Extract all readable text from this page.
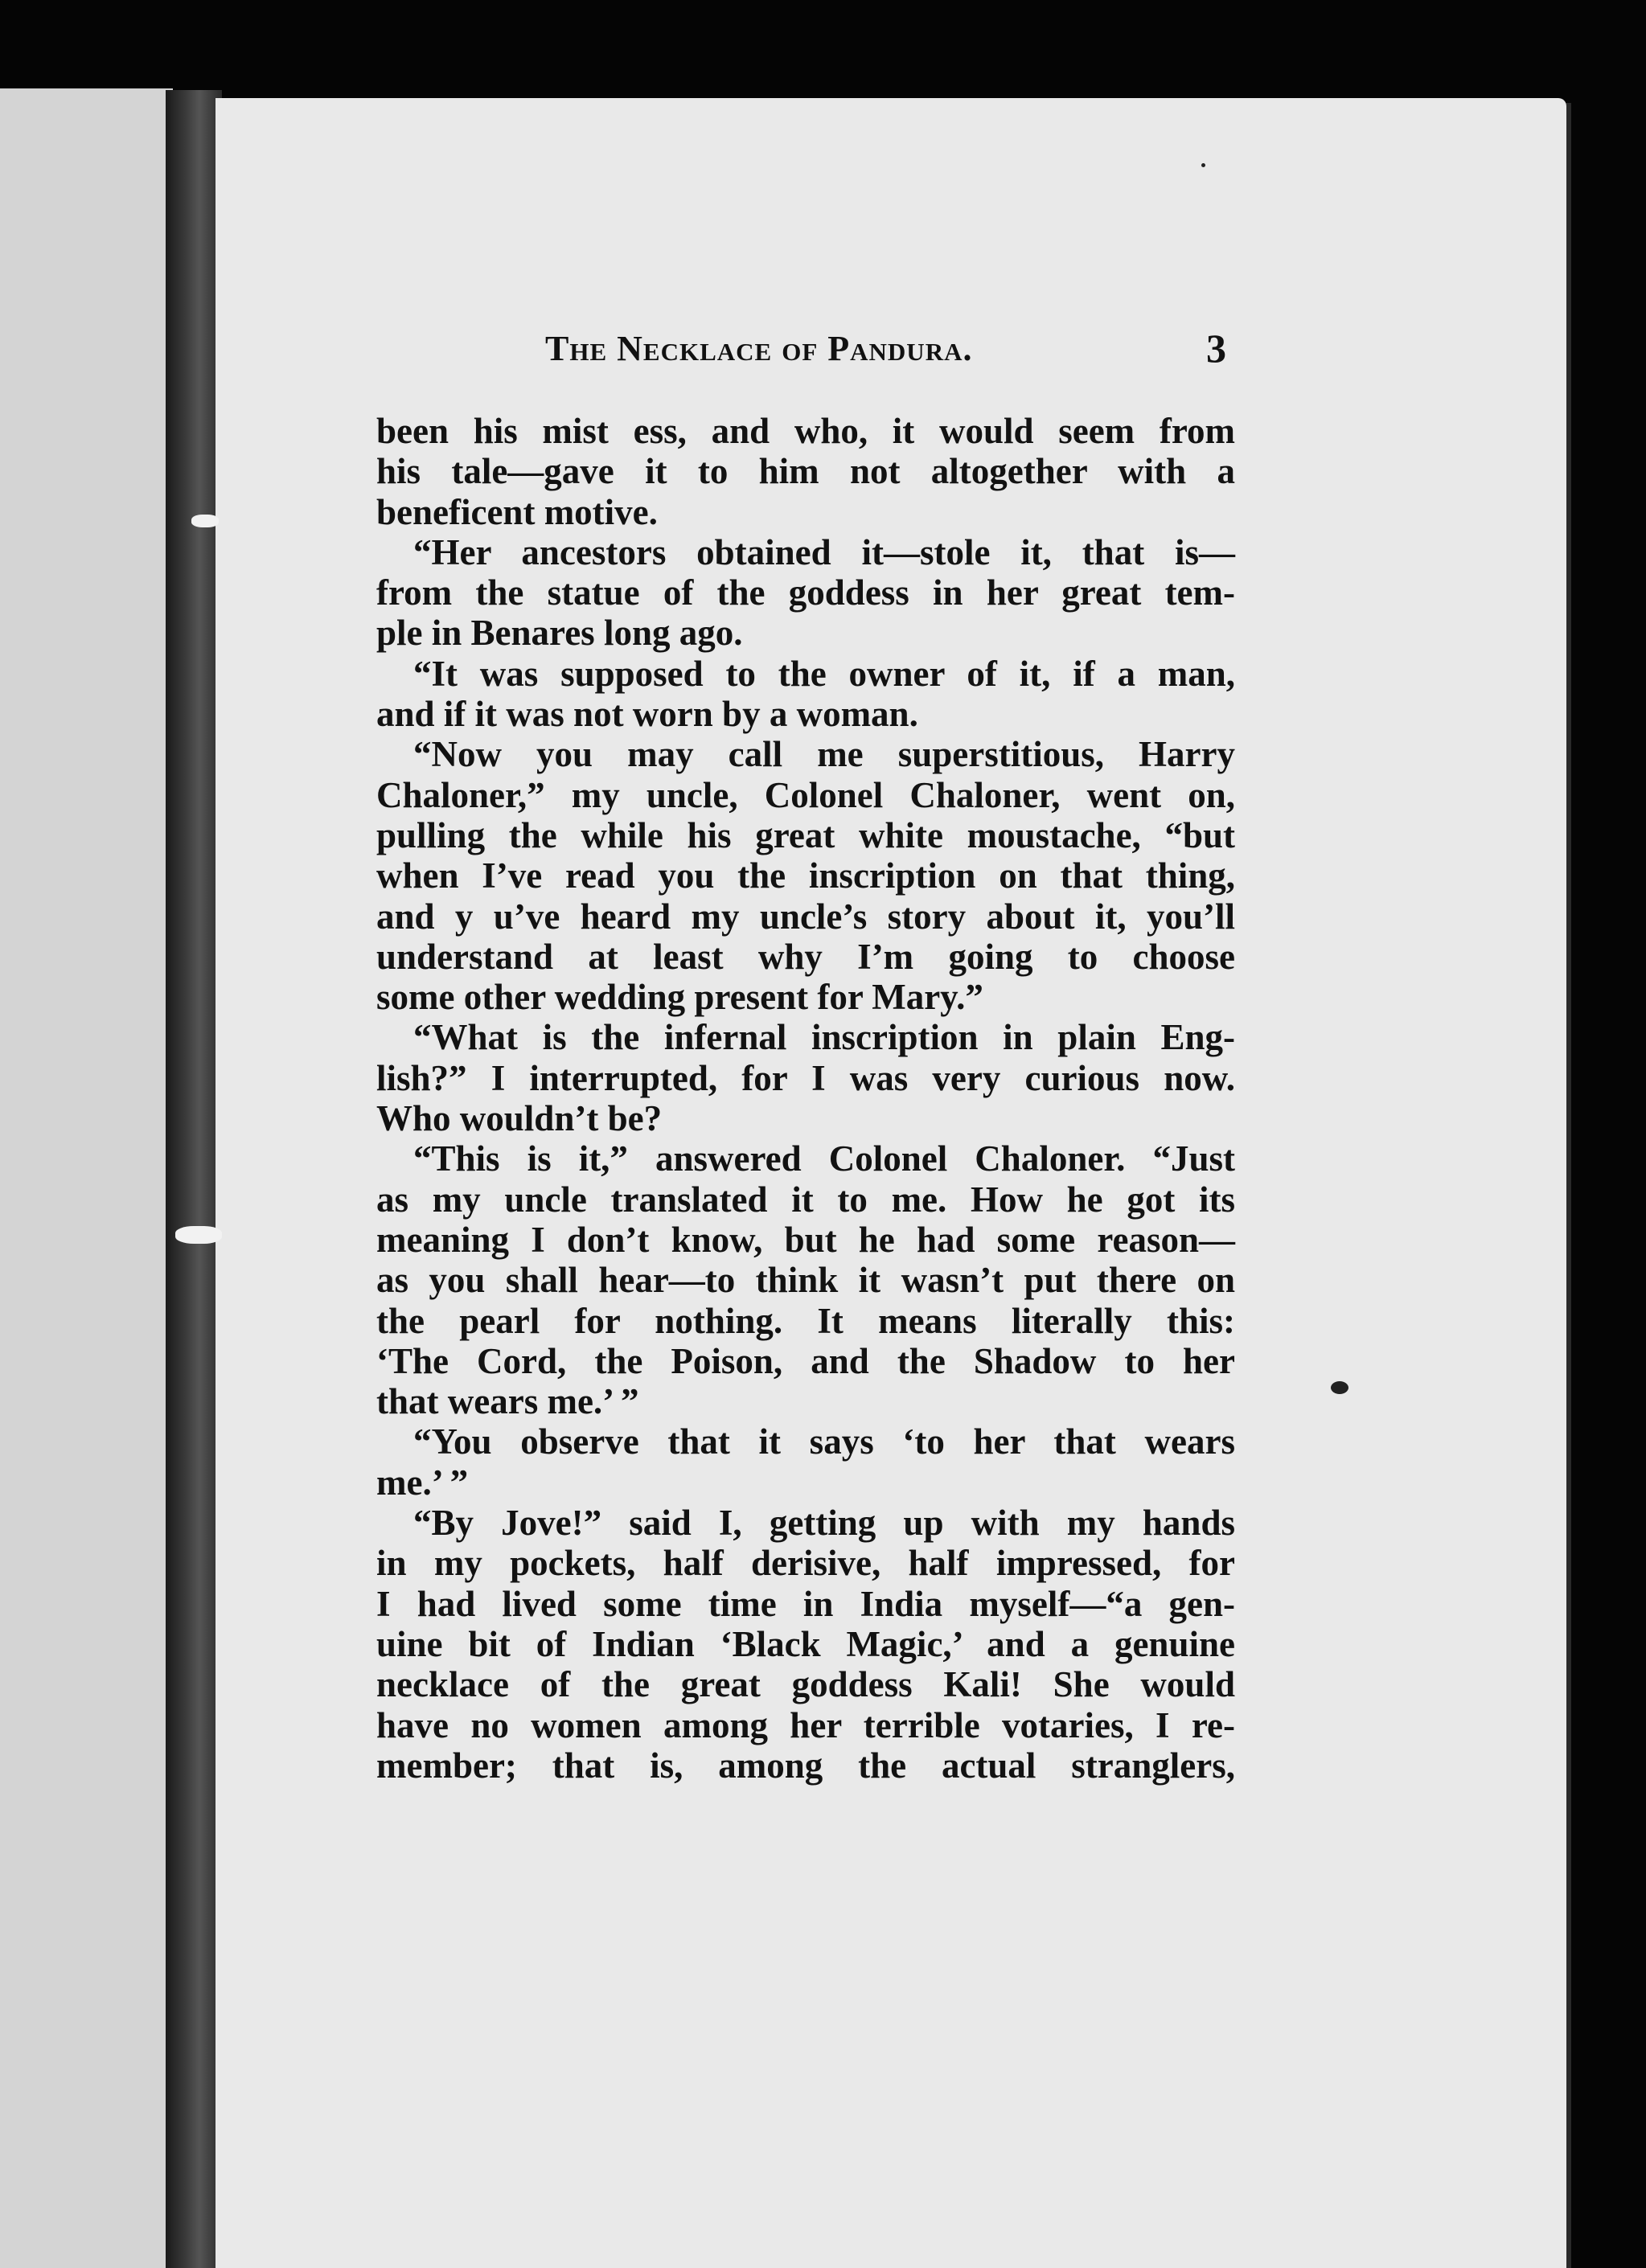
The Necklace of Pandura.	3
been his mist ess, and who, it would seem from
his tale—gave it to him not altogether with a
beneficent motive.
“Her ancestors obtained it—stole it, that is—
from the statue of the goddess in her great tem-
ple in Benares long ago.
“It was supposed to the owner of it, if a man,
and if it was not worn by a woman.
“Now you may call me superstitious, Harry
Chaloner,” my uncle, Colonel Chaloner, went on,
pulling the while his great white moustache, “but
when I’ve read you the inscription on that thing,
and y u’ve heard my uncle’s story about it, you’ll
understand at least why I’m going to choose
some other wedding present for Mary.”
“What is the infernal inscription in plain Eng-
lish?” I interrupted, for I was very curious now.
Who wouldn’t be?
“This is it,” answered Colonel Chaloner. “Just
as my uncle translated it to me. How he got its
meaning I don’t know, but he had some reason—
as you shall hear—to think it wasn’t put there on
the pearl for nothing. It means literally this:
‘The Cord, the Poison, and the Shadow to her
that wears me.’ ”
“You observe that it says ‘to her that wears
me.’ ”
“By Jove!” said I, getting up with my hands
in my pockets, half derisive, half impressed, for
I had lived some time in India myself—“a gen-
uine bit of Indian ‘Black Magic,’ and a genuine
necklace of the great goddess Kali! She would
have no women among her terrible votaries, I re-
member; that is, among the actual stranglers,
